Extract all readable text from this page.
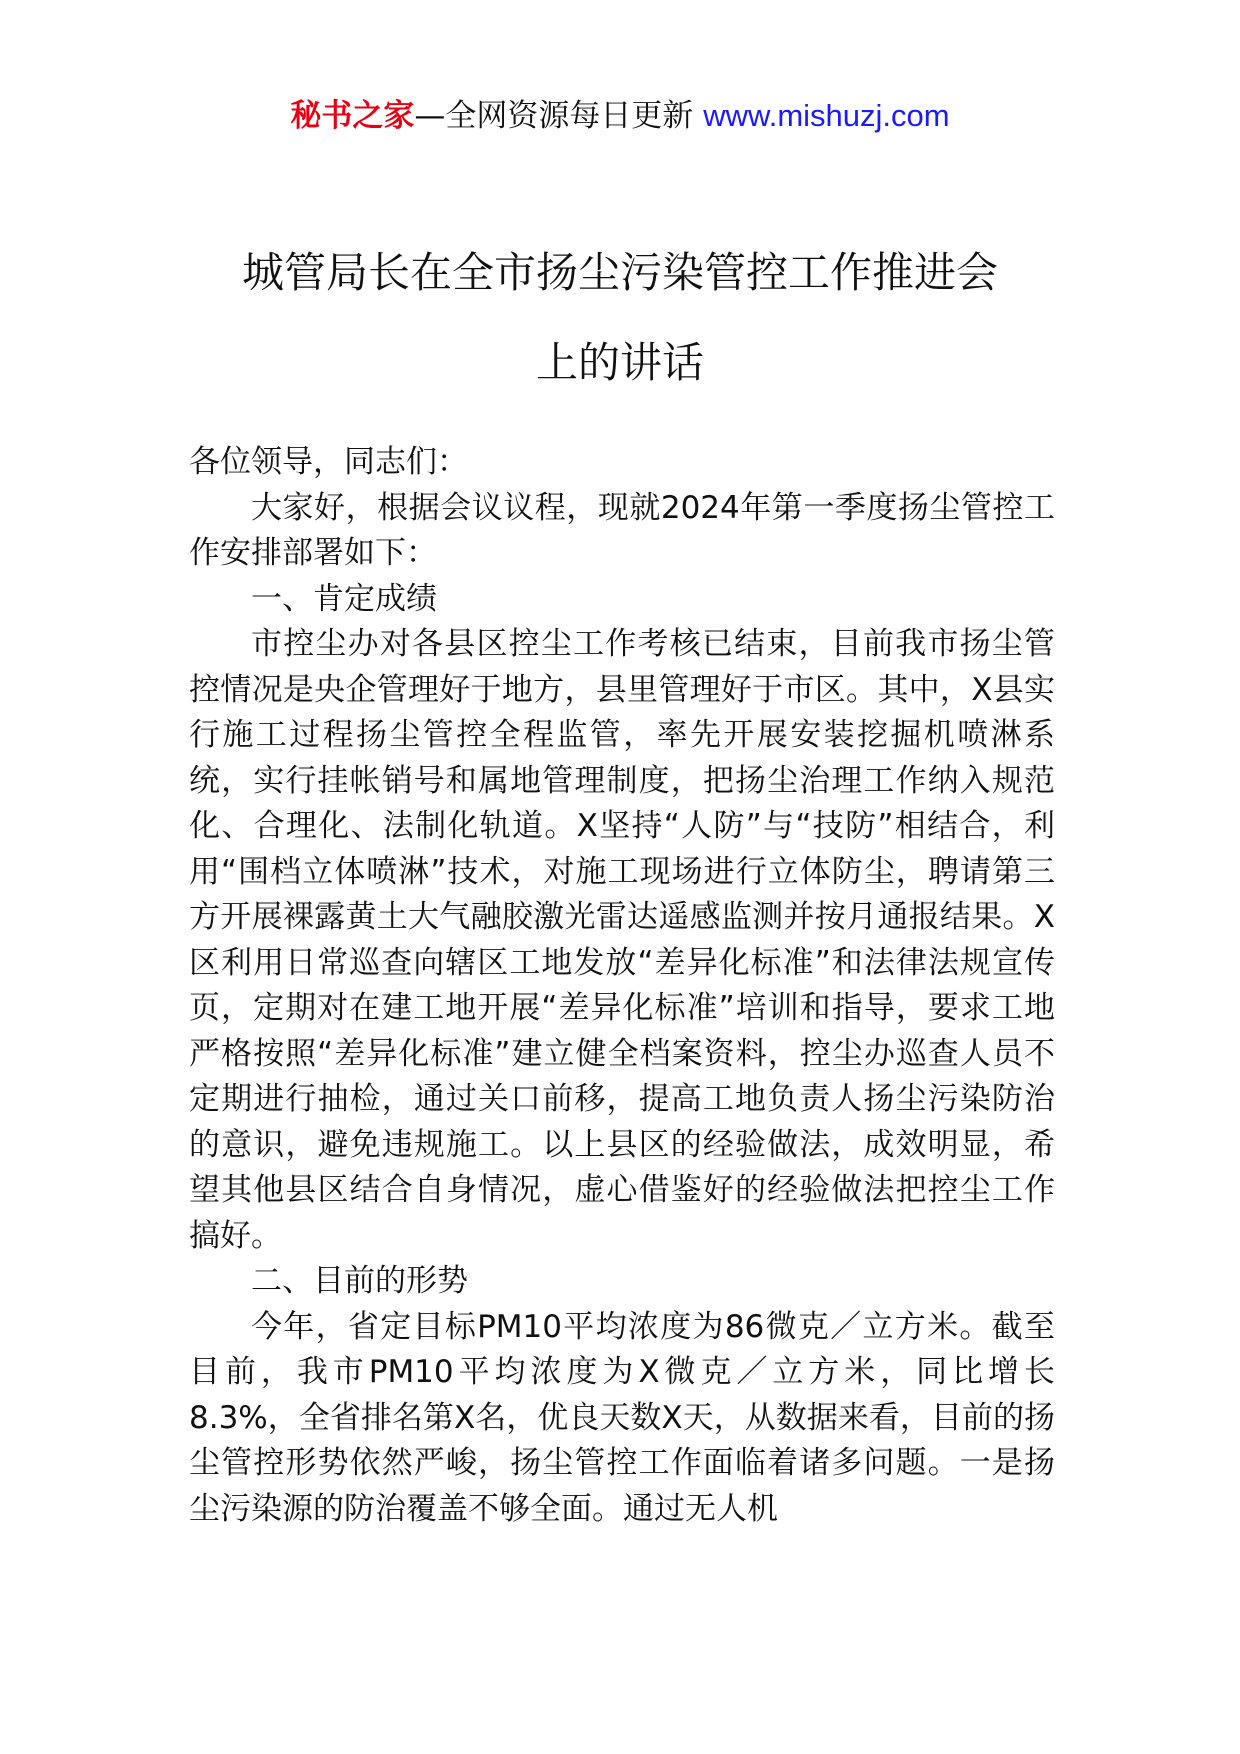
秘书之家—全网资源每日更新 www.mishuzj.com
城管局长在全市扬尘污染管控工作推进会
上的讲话

各位领导，同志们：

大家好，根据会议议程，现就2024年第一季度扬尘管控工作安排部署如下：

一、肯定成绩

市控尘办对各县区控尘工作考核已结束，目前我市扬尘管控情况是央企管理好于地方，县里管理好于市区。其中，X县实行施工过程扬尘管控全程监管，率先开展安装挖掘机喷淋系统，实行挂帐销号和属地管理制度，把扬尘治理工作纳入规范化、合理化、法制化轨道。X坚持“人防”与“技防”相结合，利用“围档立体喷淋”技术，对施工现场进行立体防尘，聘请第三方开展裸露黄土大气融胶激光雷达遥感监测并按月通报结果。X区利用日常巡查向辖区工地发放“差异化标准”和法律法规宣传页，定期对在建工地开展“差异化标准”培训和指导，要求工地严格按照“差异化标准”建立健全档案资料，控尘办巡查人员不定期进行抽检，通过关口前移，提高工地负责人扬尘污染防治的意识，避免违规施工。以上县区的经验做法，成效明显，希望其他县区结合自身情况，虚心借鉴好的经验做法把控尘工作搞好。

二、目前的形势

今年，省定目标PM10平均浓度为86微克／立方米。截至目前，我市PM10平均浓度为X微克／立方米，同比增长8.3%，全省排名第X名，优良天数X天，从数据来看，目前的扬尘管控形势依然严峻，扬尘管控工作面临着诸多问题。一是扬尘污染源的防治覆盖不够全面。通过无人机
